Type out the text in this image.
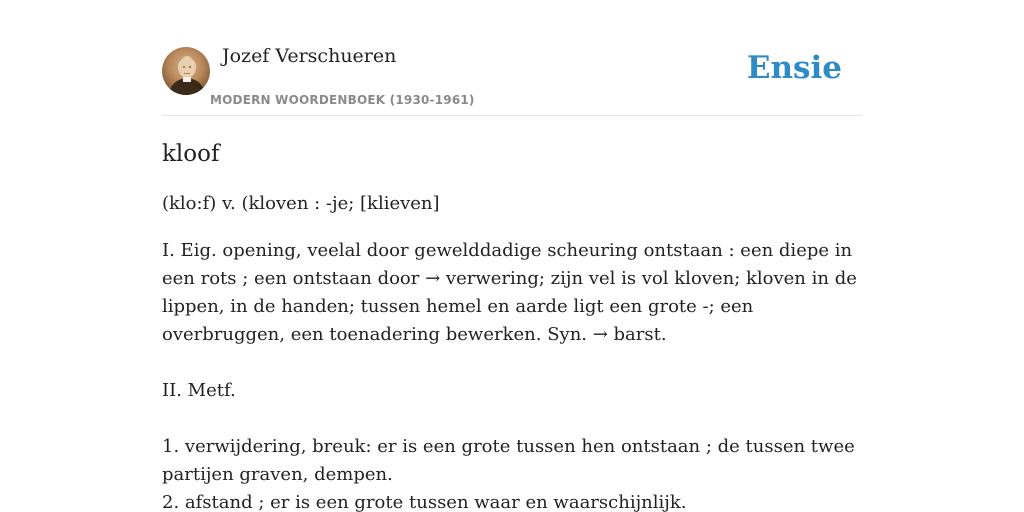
Jozef Verschueren
MODERN WOORDENBOEK (1930-1961)
Ensie
kloof
(klo:f) v. (kloven : -je; [klieven]

I. Eig. opening, veelal door gewelddadige scheuring ontstaan : een diepe in een rots ; een ontstaan door → verwering; zijn vel is vol kloven; kloven in de lippen, in de handen; tussen hemel en aarde ligt een grote -; een overbruggen, een toenadering bewerken. Syn. → barst.

II. Metf.

1. verwijdering, breuk: er is een grote tussen hen ontstaan ; de tussen twee partijen graven, dempen.

2. afstand ; er is een grote tussen waar en waarschijnlijk.
